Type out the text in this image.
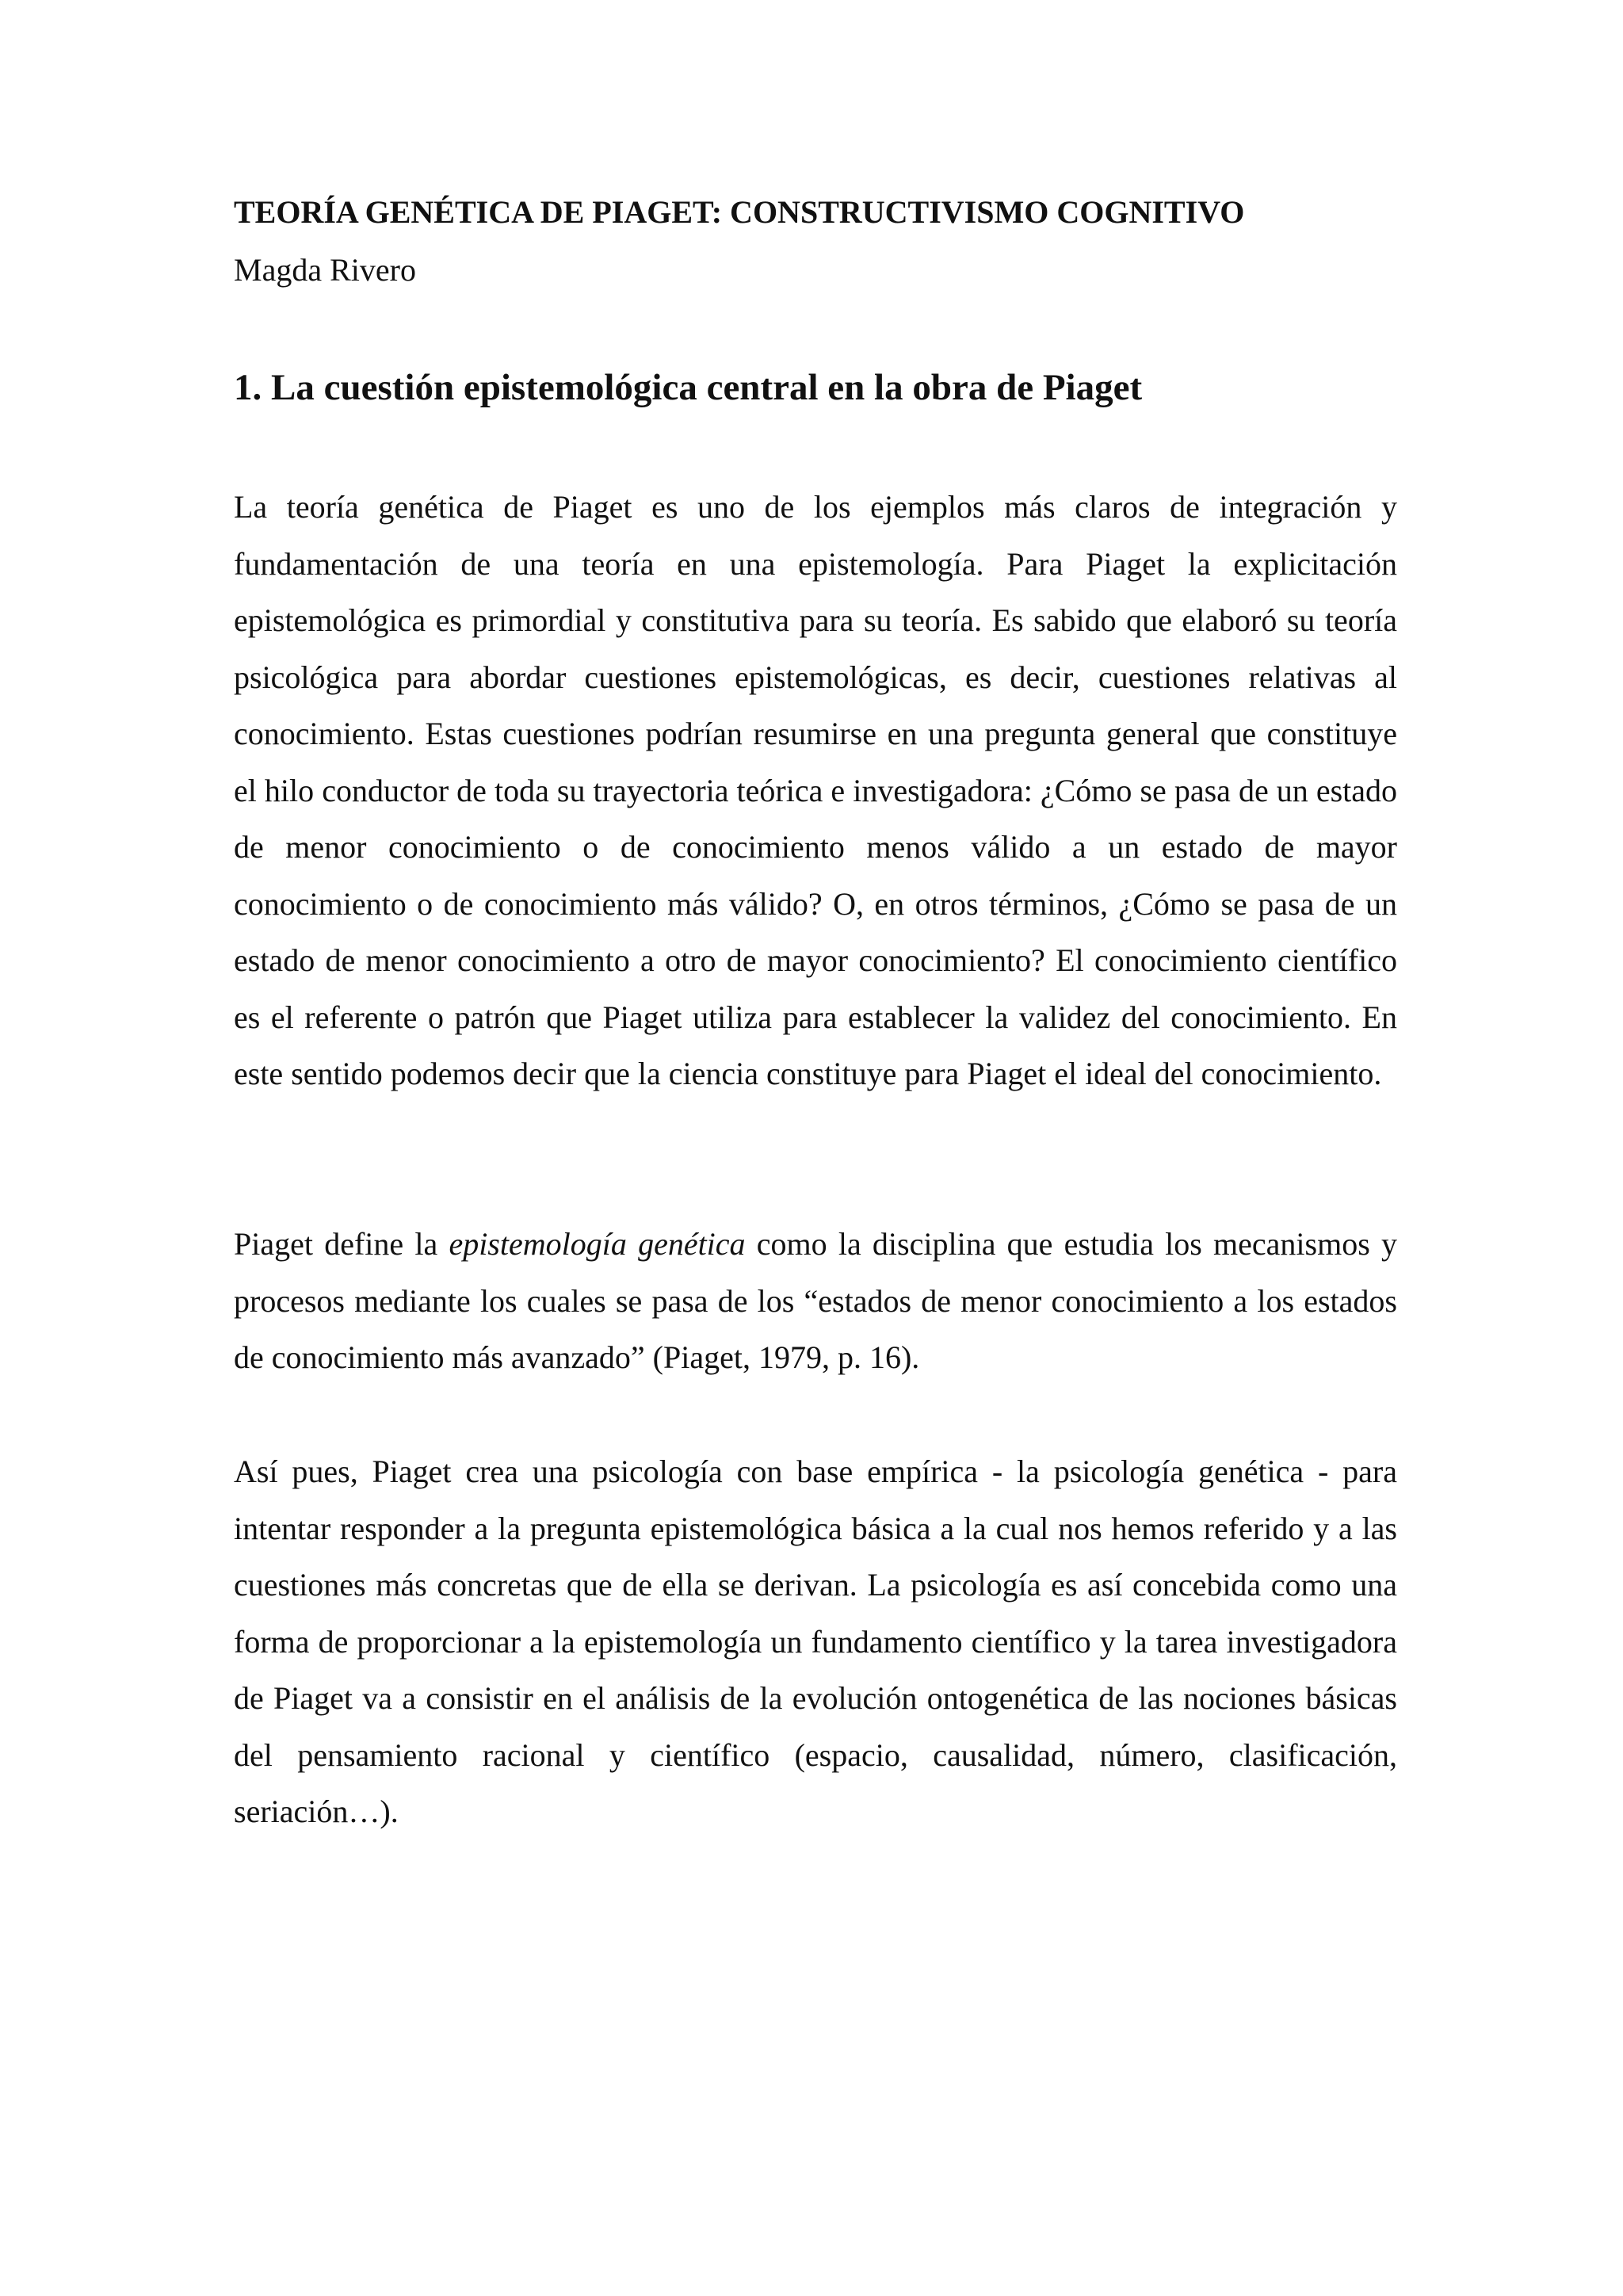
TEORÍA GENÉTICA DE PIAGET: CONSTRUCTIVISMO COGNITIVO
Magda Rivero
1. La cuestión epistemológica central en la obra de Piaget

La teoría genética de Piaget es uno de los ejemplos más claros de integración y fundamentación de una teoría en una epistemología. Para Piaget la explicitación epistemológica es primordial y constitutiva para su teoría. Es sabido que elaboró su teoría psicológica para abordar cuestiones epistemológicas, es decir, cuestiones relativas al conocimiento. Estas cuestiones podrían resumirse en una pregunta general que constituye el hilo conductor de toda su trayectoria teórica e investigadora: ¿Cómo se pasa de un estado de menor conocimiento o de conocimiento menos válido a un estado de mayor conocimiento o de conocimiento más válido? O, en otros términos, ¿Cómo se pasa de un estado de menor conocimiento a otro de mayor conocimiento? El conocimiento científico es el referente o patrón que Piaget utiliza para establecer la validez del conocimiento. En este sentido podemos decir que la ciencia constituye para Piaget el ideal del conocimiento.

Piaget define la epistemología genética como la disciplina que estudia los mecanismos y procesos mediante los cuales se pasa de los “estados de menor conocimiento a los estados de conocimiento más avanzado” (Piaget, 1979, p. 16).

Así pues, Piaget crea una psicología con base empírica - la psicología genética - para intentar responder a la pregunta epistemológica básica a la cual nos hemos referido y a las cuestiones más concretas que de ella se derivan. La psicología es así concebida como una forma de proporcionar a la epistemología un fundamento científico y la tarea investigadora de Piaget va a consistir en el análisis de la evolución ontogenética de las nociones básicas del pensamiento racional y científico (espacio, causalidad, número, clasificación, seriación…).
